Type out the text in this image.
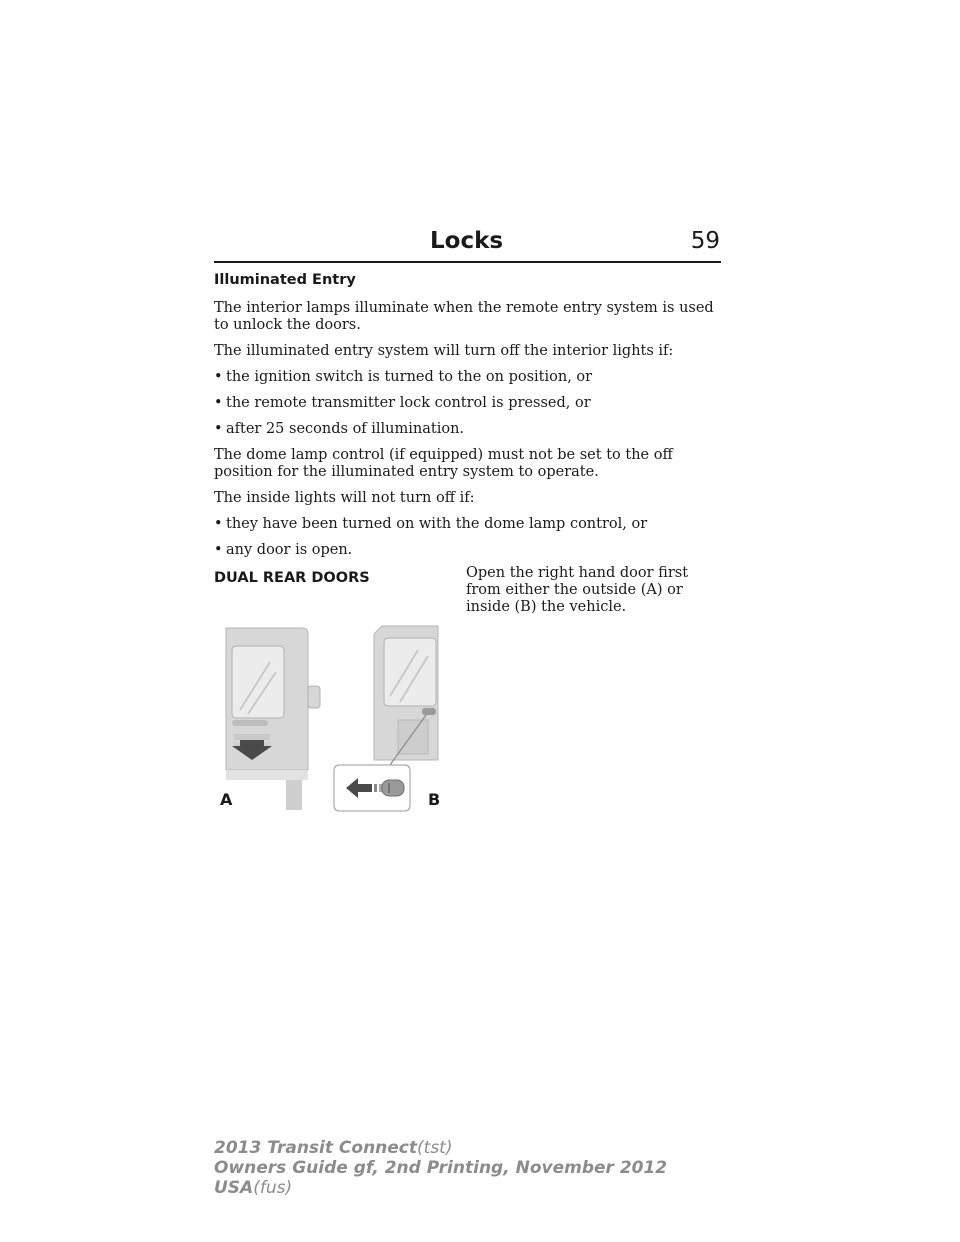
Locks	59
Illuminated Entry

The interior lamps illuminate when the remote entry system is used to unlock the doors.

The illuminated entry system will turn off the interior lights if:

• the ignition switch is turned to the on position, or
• the remote transmitter lock control is pressed, or
• after 25 seconds of illumination.

The dome lamp control (if equipped) must not be set to the off position for the illuminated entry system to operate.

The inside lights will not turn off if:

• they have been turned on with the dome lamp control, or
• any door is open.
DUAL REAR DOORS	Open the right hand door first from either the outside (A) or inside (B) the vehicle.
A	B
2013 Transit Connect(tst)
Owners Guide gf, 2nd Printing, November 2012
USA(fus)
